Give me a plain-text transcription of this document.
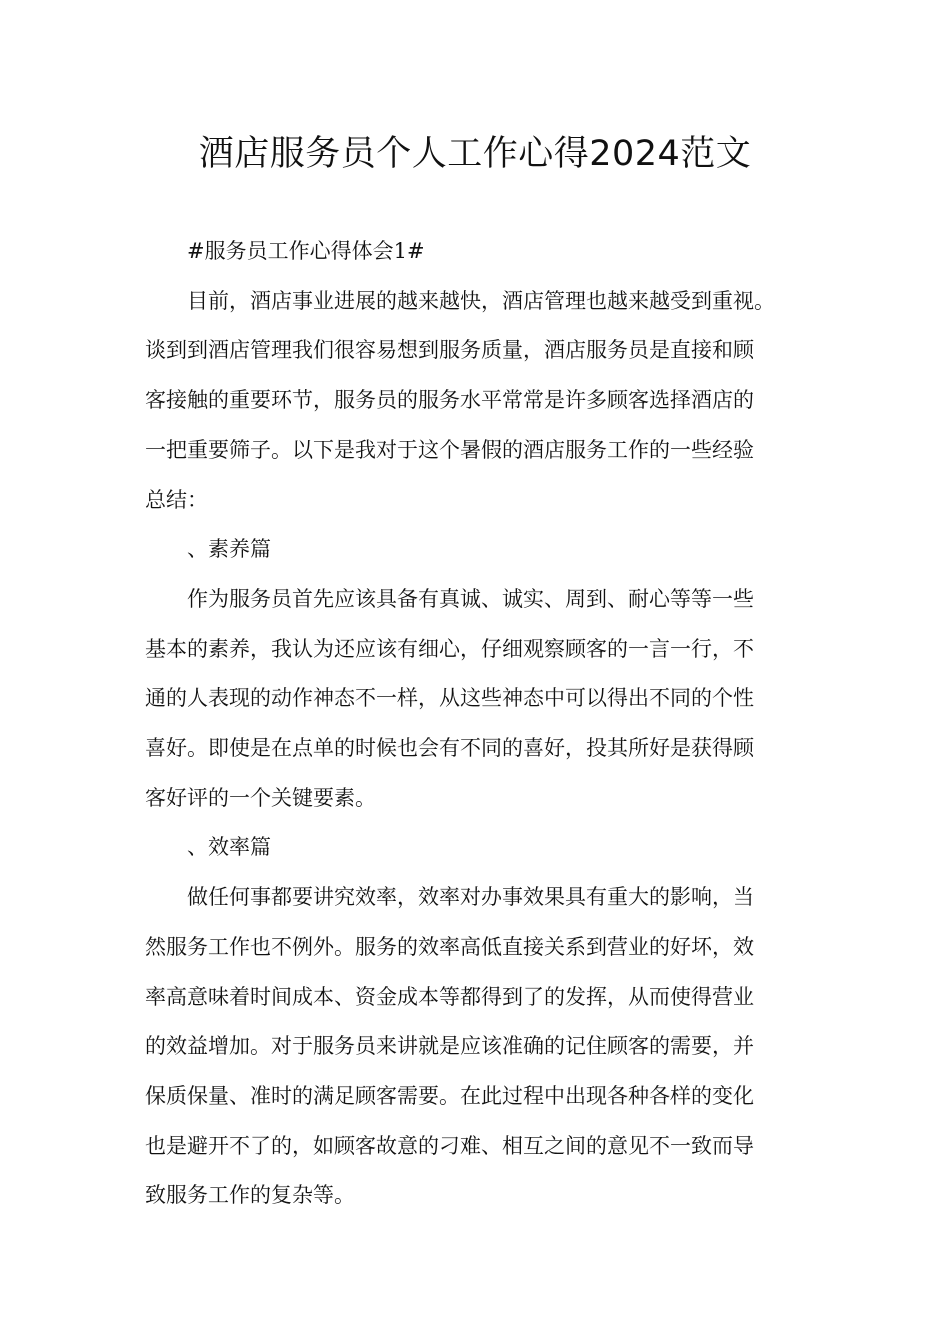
酒店服务员个人工作心得2024范文

#服务员工作心得体会1#

目前，酒店事业进展的越来越快，酒店管理也越来越受到重视。
谈到到酒店管理我们很容易想到服务质量，酒店服务员是直接和顾
客接触的重要环节，服务员的服务水平常常是许多顾客选择酒店的
一把重要筛子。以下是我对于这个暑假的酒店服务工作的一些经验
总结：

、素养篇

作为服务员首先应该具备有真诚、诚实、周到、耐心等等一些
基本的素养，我认为还应该有细心，仔细观察顾客的一言一行，不
通的人表现的动作神态不一样，从这些神态中可以得出不同的个性
喜好。即使是在点单的时候也会有不同的喜好，投其所好是获得顾
客好评的一个关键要素。

、效率篇

做任何事都要讲究效率，效率对办事效果具有重大的影响，当
然服务工作也不例外。服务的效率高低直接关系到营业的好坏，效
率高意味着时间成本、资金成本等都得到了的发挥，从而使得营业
的效益增加。对于服务员来讲就是应该准确的记住顾客的需要，并
保质保量、准时的满足顾客需要。在此过程中出现各种各样的变化
也是避开不了的，如顾客故意的刁难、相互之间的意见不一致而导
致服务工作的复杂等。
